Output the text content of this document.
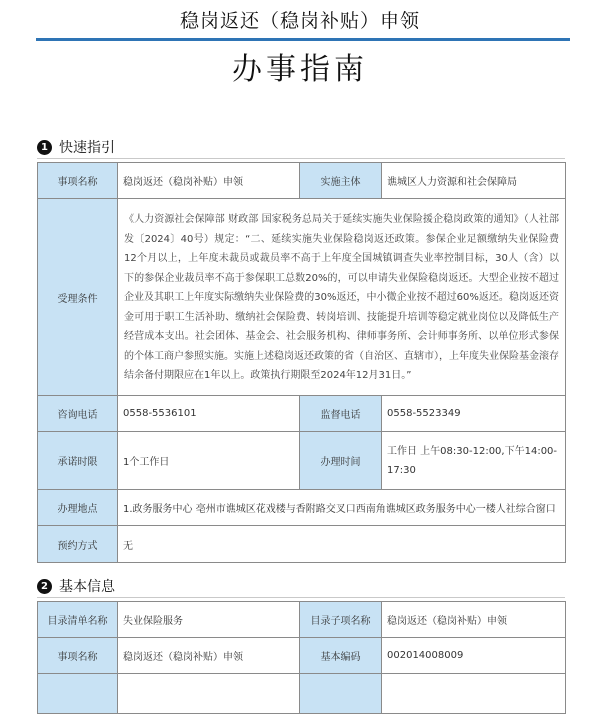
稳岗返还（稳岗补贴）申领
办事指南
1 快速指引
事项名称	稳岗返还（稳岗补贴）申领	实施主体	谯城区人力资源和社会保障局
受理条件	《人力资源社会保障部 财政部 国家税务总局关于延续实施失业保险援企稳岗政策的通知》（人社部发〔2024〕40号）规定：“二、延续实施失业保险稳岗返还政策。参保企业足额缴纳失业保险费12个月以上，上年度未裁员或裁员率不高于上年度全国城镇调查失业率控制目标，30人（含）以下的参保企业裁员率不高于参保职工总数20%的，可以申请失业保险稳岗返还。大型企业按不超过企业及其职工上年度实际缴纳失业保险费的30%返还，中小微企业按不超过60%返还。稳岗返还资金可用于职工生活补助、缴纳社会保险费、转岗培训、技能提升培训等稳定就业岗位以及降低生产经营成本支出。社会团体、基金会、社会服务机构、律师事务所、会计师事务所、以单位形式参保的个体工商户参照实施。实施上述稳岗返还政策的省（自治区、直辖市），上年度失业保险基金滚存结余备付期限应在1年以上。政策执行期限至2024年12月31日。”		
咨询电话	0558-5536101	监督电话	0558-5523349
承诺时限	1个工作日	办理时间	工作日 上午08:30-12:00,下午14:00-17:30
办理地点	1.政务服务中心 亳州市谯城区花戏楼与香附路交叉口西南角谯城区政务服务中心一楼人社综合窗口		
预约方式	无		
2 基本信息
目录清单名称	失业保险服务	目录子项名称	稳岗返还（稳岗补贴）申领
事项名称	稳岗返还（稳岗补贴）申领	基本编码	002014008009
